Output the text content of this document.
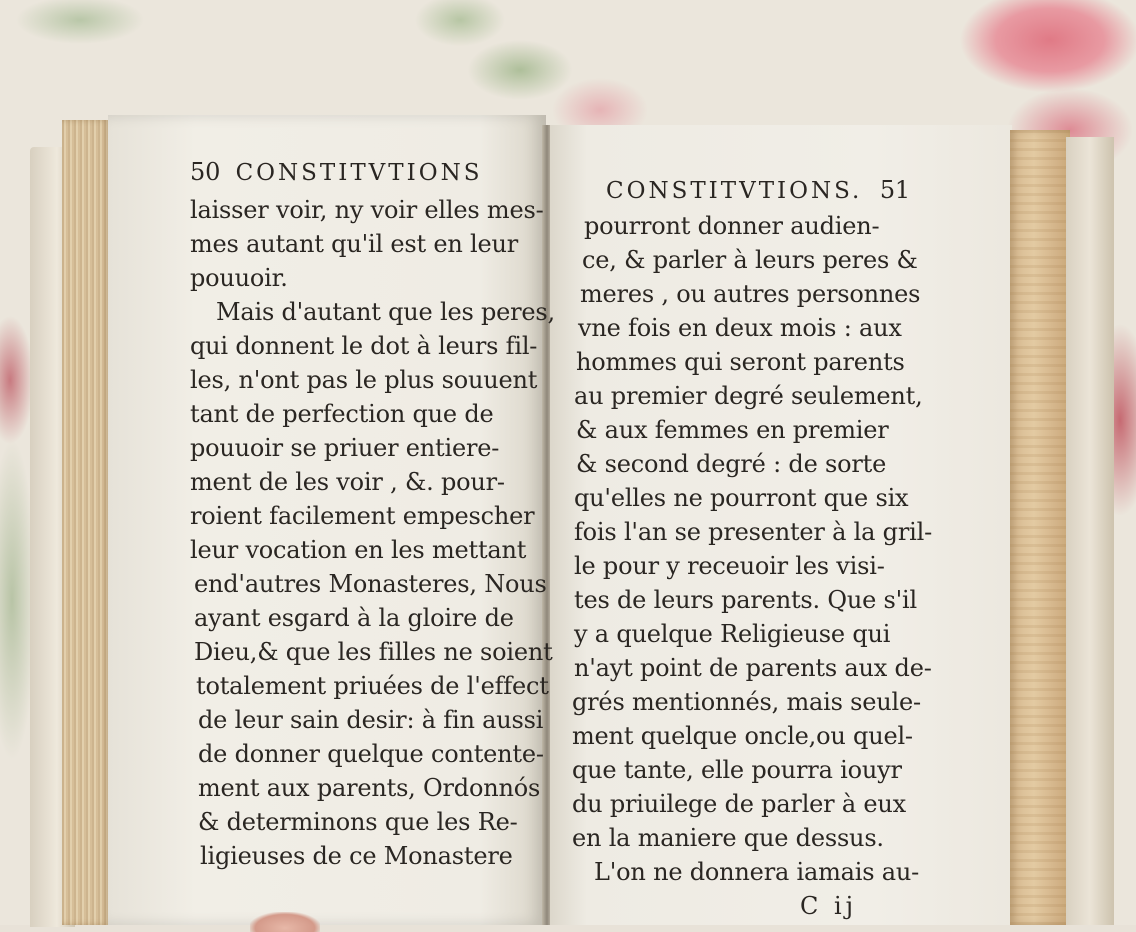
50 CONSTITVTIONS
laisser voir, ny voir elles mes-
mes autant qu'il est en leur
pouuoir.
Mais d'autant que les peres,
qui donnent le dot à leurs fil-
les, n'ont pas le plus souuent
tant de perfection que de
pouuoir se priuer entiere-
ment de les voir , &. pour-
roient facilement empescher
leur vocation en les mettant
end'autres Monasteres, Nous
ayant esgard à la gloire de
Dieu,& que les filles ne soient
totalement priuées de l'effect
de leur sain desir: à fin aussi
de donner quelque contente-
ment aux parents, Ordonnós
& determinons que les Re-
ligieuses de ce Monastere
CONSTITVTIONS. 51
pourront donner audien-
ce, & parler à leurs peres &
meres , ou autres personnes
vne fois en deux mois : aux
hommes qui seront parents
au premier degré seulement,
& aux femmes en premier
& second degré : de sorte
qu'elles ne pourront que six
fois l'an se presenter à la gril-
le pour y receuoir les visi-
tes de leurs parents. Que s'il
y a quelque Religieuse qui
n'ayt point de parents aux de-
grés mentionnés, mais seule-
ment quelque oncle,ou quel-
que tante, elle pourra iouyr
du priuilege de parler à eux
en la maniere que dessus.
L'on ne donnera iamais au-
C ij
